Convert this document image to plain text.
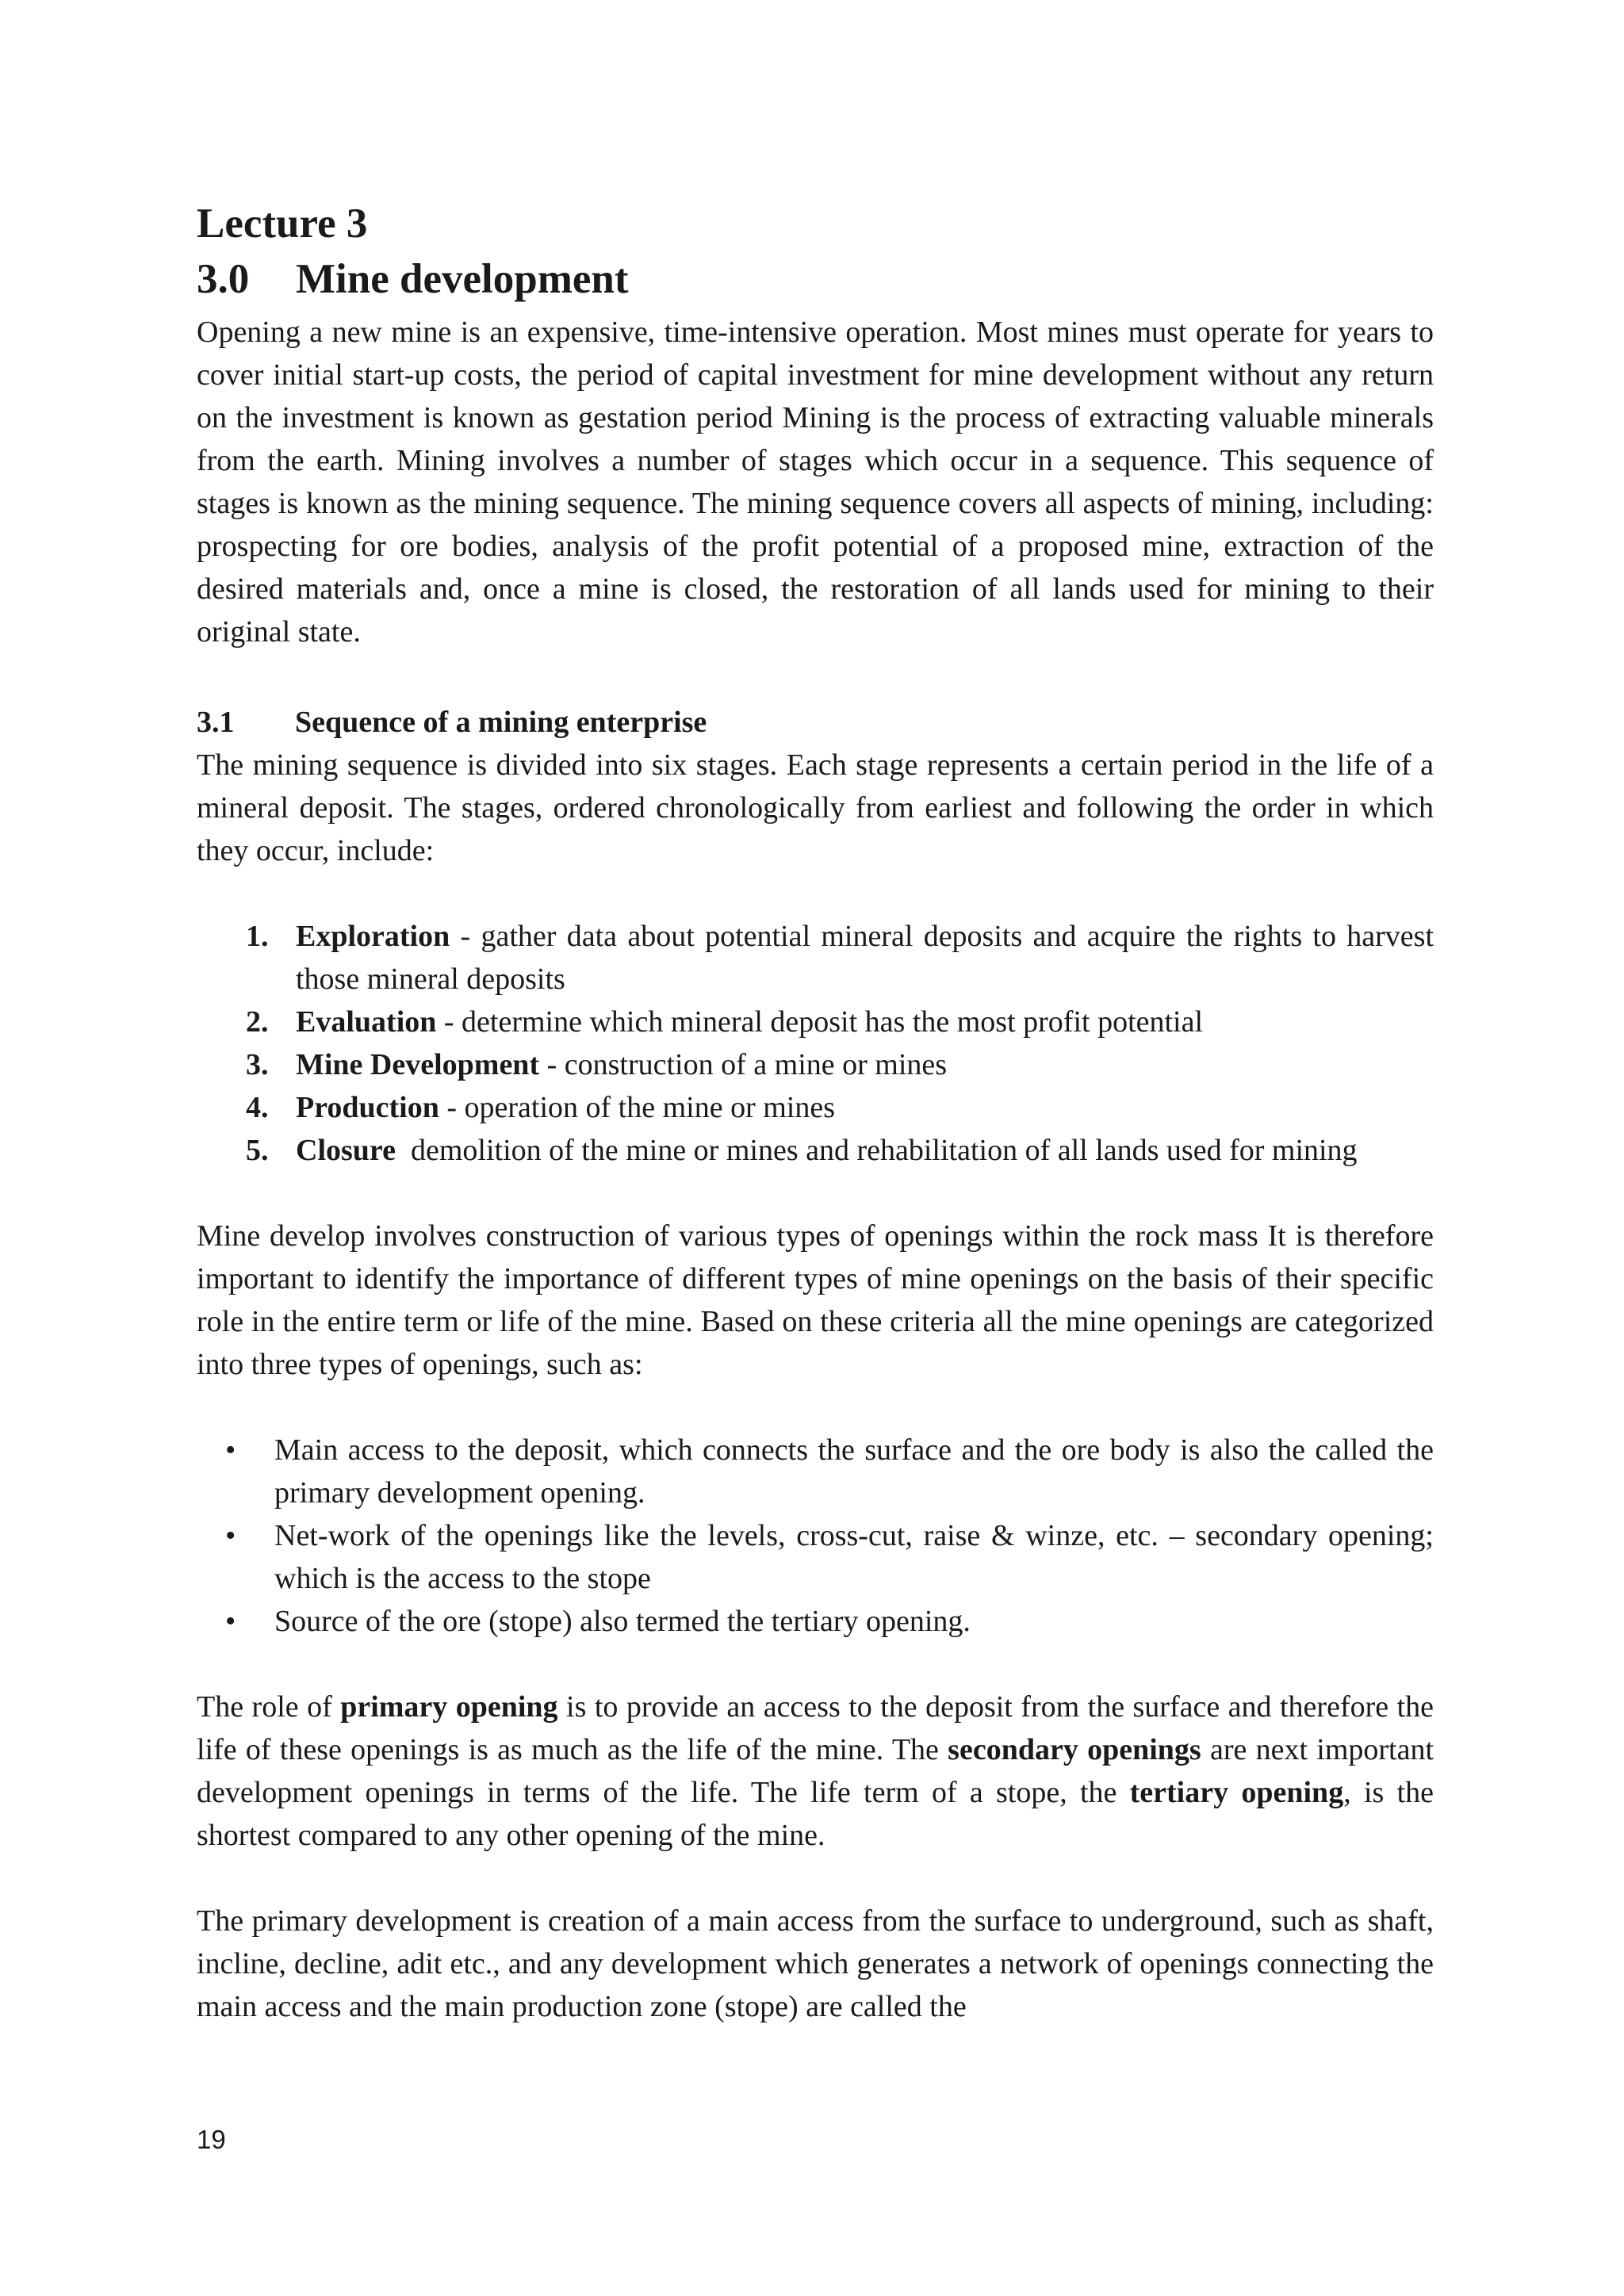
Lecture 3
3.0 Mine development

Opening a new mine is an expensive, time-intensive operation. Most mines must operate for years to cover initial start-up costs, the period of capital investment for mine development without any return on the investment is known as gestation period Mining is the process of extracting valuable minerals from the earth. Mining involves a number of stages which occur in a sequence. This sequence of stages is known as the mining sequence. The mining sequence covers all aspects of mining, including: prospecting for ore bodies, analysis of the profit potential of a proposed mine, extraction of the desired materials and, once a mine is closed, the restoration of all lands used for mining to their original state.

3.1 Sequence of a mining enterprise

The mining sequence is divided into six stages. Each stage represents a certain period in the life of a mineral deposit. The stages, ordered chronologically from earliest and following the order in which they occur, include:

1. Exploration - gather data about potential mineral deposits and acquire the rights to harvest those mineral deposits
2. Evaluation - determine which mineral deposit has the most profit potential
3. Mine Development - construction of a mine or mines
4. Production - operation of the mine or mines
5. Closure  demolition of the mine or mines and rehabilitation of all lands used for mining

Mine develop involves construction of various types of openings within the rock mass It is therefore important to identify the importance of different types of mine openings on the basis of their specific role in the entire term or life of the mine. Based on these criteria all the mine openings are categorized into three types of openings, such as:

• Main access to the deposit, which connects the surface and the ore body is also the called the primary development opening.
• Net-work of the openings like the levels, cross-cut, raise & winze, etc. – secondary opening; which is the access to the stope
• Source of the ore (stope) also termed the tertiary opening.

The role of primary opening is to provide an access to the deposit from the surface and therefore the life of these openings is as much as the life of the mine. The secondary openings are next important development openings in terms of the life. The life term of a stope, the tertiary opening, is the shortest compared to any other opening of the mine.

The primary development is creation of a main access from the surface to underground, such as shaft, incline, decline, adit etc., and any development which generates a network of openings connecting the main access and the main production zone (stope) are called the

19
